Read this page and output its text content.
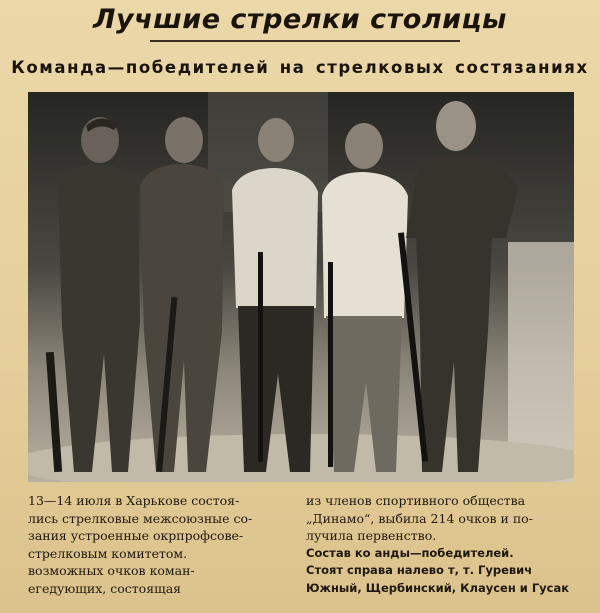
Лучшие стрелки столицы
Команда—победителей на стрелковых состязаниях

13—14 июля в Харькове состоя-

лись стрелковые межсоюзные со-

зания устроенные окрпрофсове-

стрелковым комитетом.

возможных очков коман-

егедующих, состоящая

из членов спортивного общества

„Динамо“, выбила 214 очков и по-

лучила первенство.

Состав ко анды—победителей.

Стоят справа налево т, т. Гуревич

Южный, Щербинский, Клаусен и Гусак
